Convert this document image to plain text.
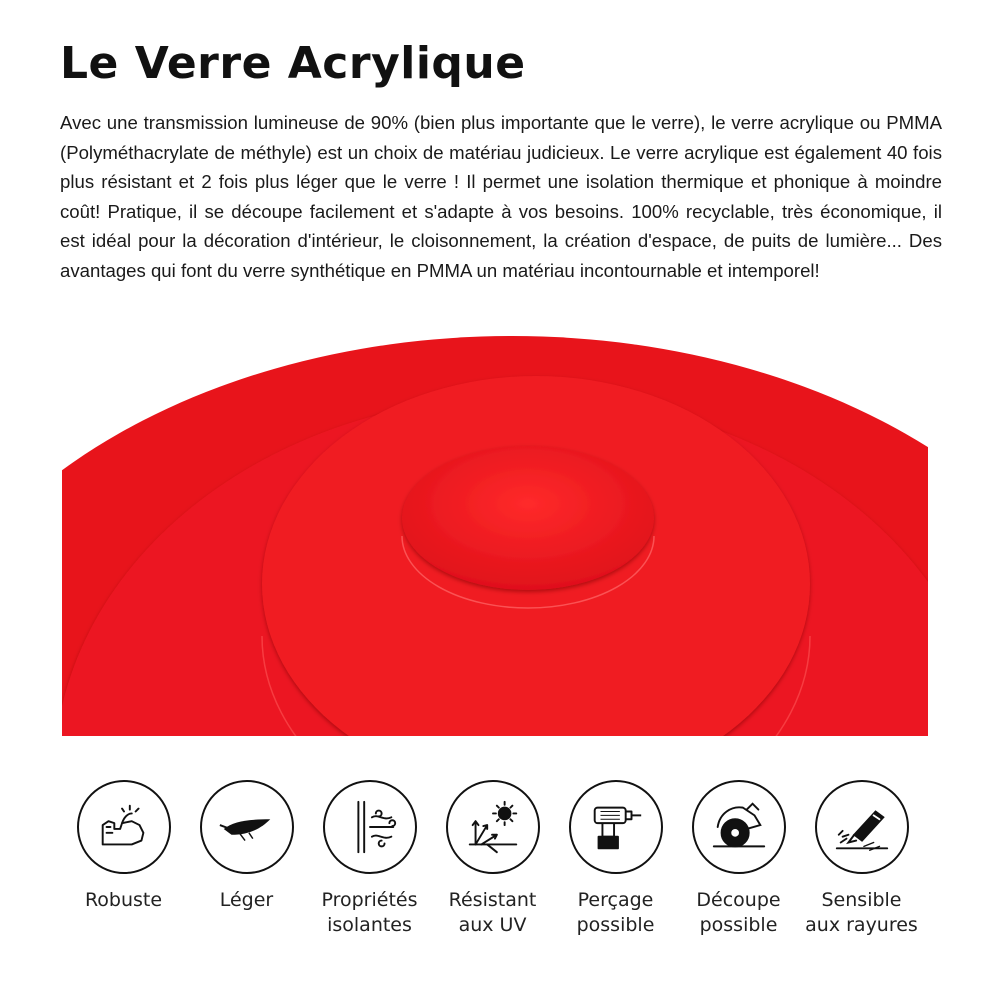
Le Verre Acrylique

Avec une transmission lumineuse de 90% (bien plus importante que le verre), le verre acrylique ou PMMA (Polyméthacrylate de méthyle) est un choix de matériau judicieux. Le verre acrylique est également 40 fois plus résistant et 2 fois plus léger que le verre ! Il permet une isolation thermique et phonique à moindre coût! Pratique, il se découpe facilement et s'adapte à vos besoins. 100% recyclable, très économique, il est idéal pour la décoration d'intérieur, le cloisonnement, la création d'espace, de puits de lumière... Des avantages qui font du verre synthétique en PMMA un matériau incontournable et intemporel!

Robuste	Léger	Propriétés
isolantes
Résistant
aux UV
Perçage
possible
Découpe
possible
Sensible
aux rayures
